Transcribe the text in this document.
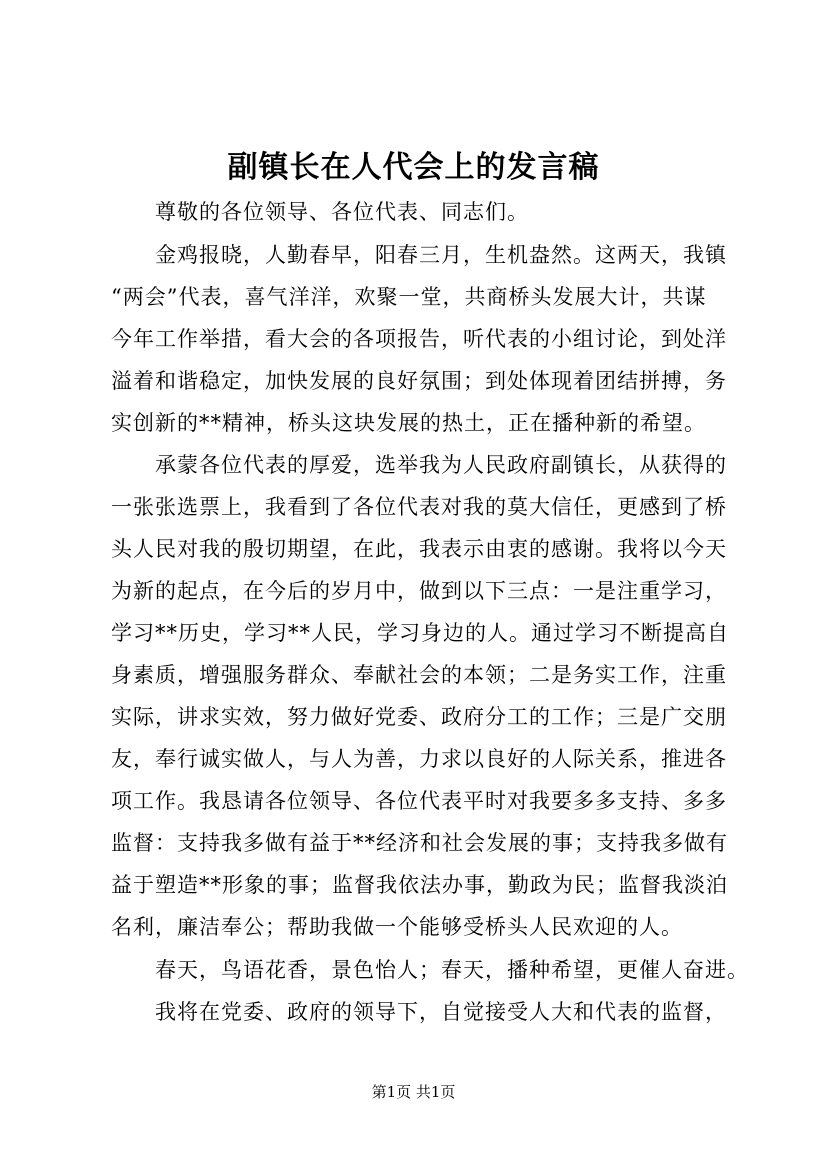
副镇长在人代会上的发言稿
尊敬的各位领导、各位代表、同志们。
金鸡报晓，人勤春早，阳春三月，生机盎然。这两天，我镇
“两会”代表，喜气洋洋，欢聚一堂，共商桥头发展大计，共谋
今年工作举措，看大会的各项报告，听代表的小组讨论，到处洋
溢着和谐稳定，加快发展的良好氛围；到处体现着团结拼搏，务
实创新的**精神，桥头这块发展的热土，正在播种新的希望。
承蒙各位代表的厚爱，选举我为人民政府副镇长，从获得的
一张张选票上，我看到了各位代表对我的莫大信任，更感到了桥
头人民对我的殷切期望，在此，我表示由衷的感谢。我将以今天
为新的起点，在今后的岁月中，做到以下三点：一是注重学习，
学习**历史，学习**人民，学习身边的人。通过学习不断提高自
身素质，增强服务群众、奉献社会的本领；二是务实工作，注重
实际，讲求实效，努力做好党委、政府分工的工作；三是广交朋
友，奉行诚实做人，与人为善，力求以良好的人际关系，推进各
项工作。我恳请各位领导、各位代表平时对我要多多支持、多多
监督：支持我多做有益于**经济和社会发展的事；支持我多做有
益于塑造**形象的事；监督我依法办事，勤政为民；监督我淡泊
名利，廉洁奉公；帮助我做一个能够受桥头人民欢迎的人。
春天，鸟语花香，景色怡人；春天，播种希望，更催人奋进。
我将在党委、政府的领导下，自觉接受人大和代表的监督，
第1页 共1页
